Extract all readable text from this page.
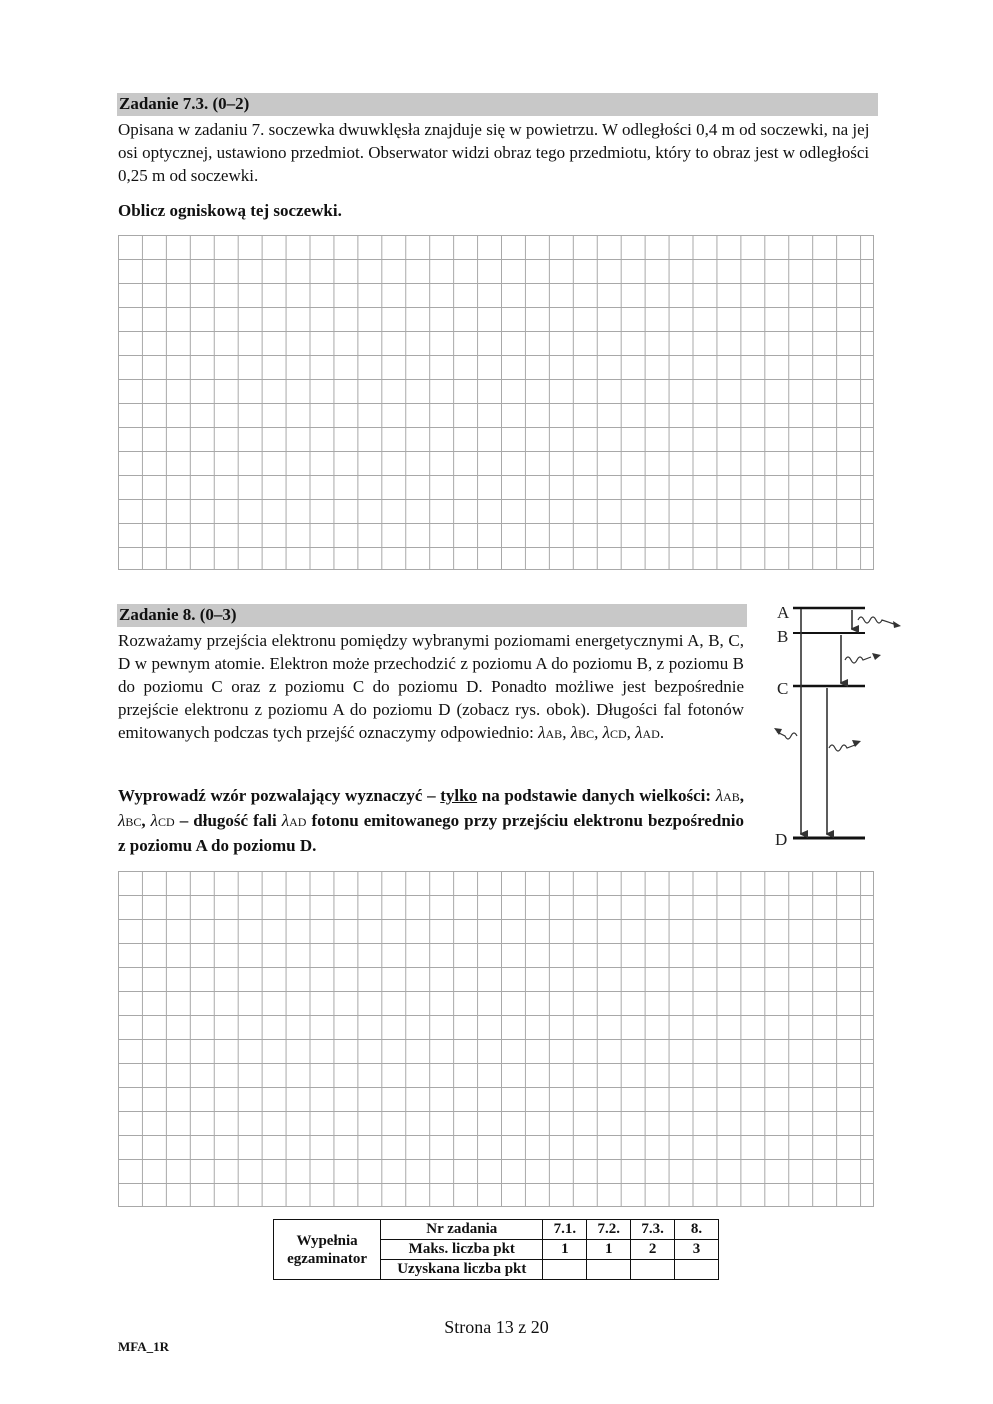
Zadanie 7.3. (0–2)
Opisana w zadaniu 7. soczewka dwuwklęsła znajduje się w powietrzu. W odległości 0,4 m od soczewki, na jej osi optycznej, ustawiono przedmiot. Obserwator widzi obraz tego przedmiotu, który to obraz jest w odległości 0,25 m od soczewki.
Oblicz ogniskową tej soczewki.
Zadanie 8. (0–3)
Rozważamy przejścia elektronu pomiędzy wybranymi poziomami energetycznymi A, B, C, D w pewnym atomie. Elektron może przechodzić z poziomu A do poziomu B, z poziomu B do poziomu C oraz z poziomu C do poziomu D. Ponadto możliwe jest bezpośrednie przejście elektronu z poziomu A do poziomu D (zobacz rys. obok). Długości fal fotonów emitowanych podczas tych przejść oznaczymy odpowiednio: λAB, λBC, λCD, λAD.
Wyprowadź wzór pozwalający wyznaczyć – tylko na podstawie danych wielkości: λAB, λBC, λCD – długość fali λAD fotonu emitowanego przy przejściu elektronu bezpośrednio z poziomu A do poziomu D.
A
B
C
D
Wypełnia
egzaminator	Nr zadania	7.1.	7.2.	7.3.	8.
	Maks. liczba pkt	1	1	2	3
	Uzyskana liczba pkt				
Strona 13 z 20
MFA_1R
